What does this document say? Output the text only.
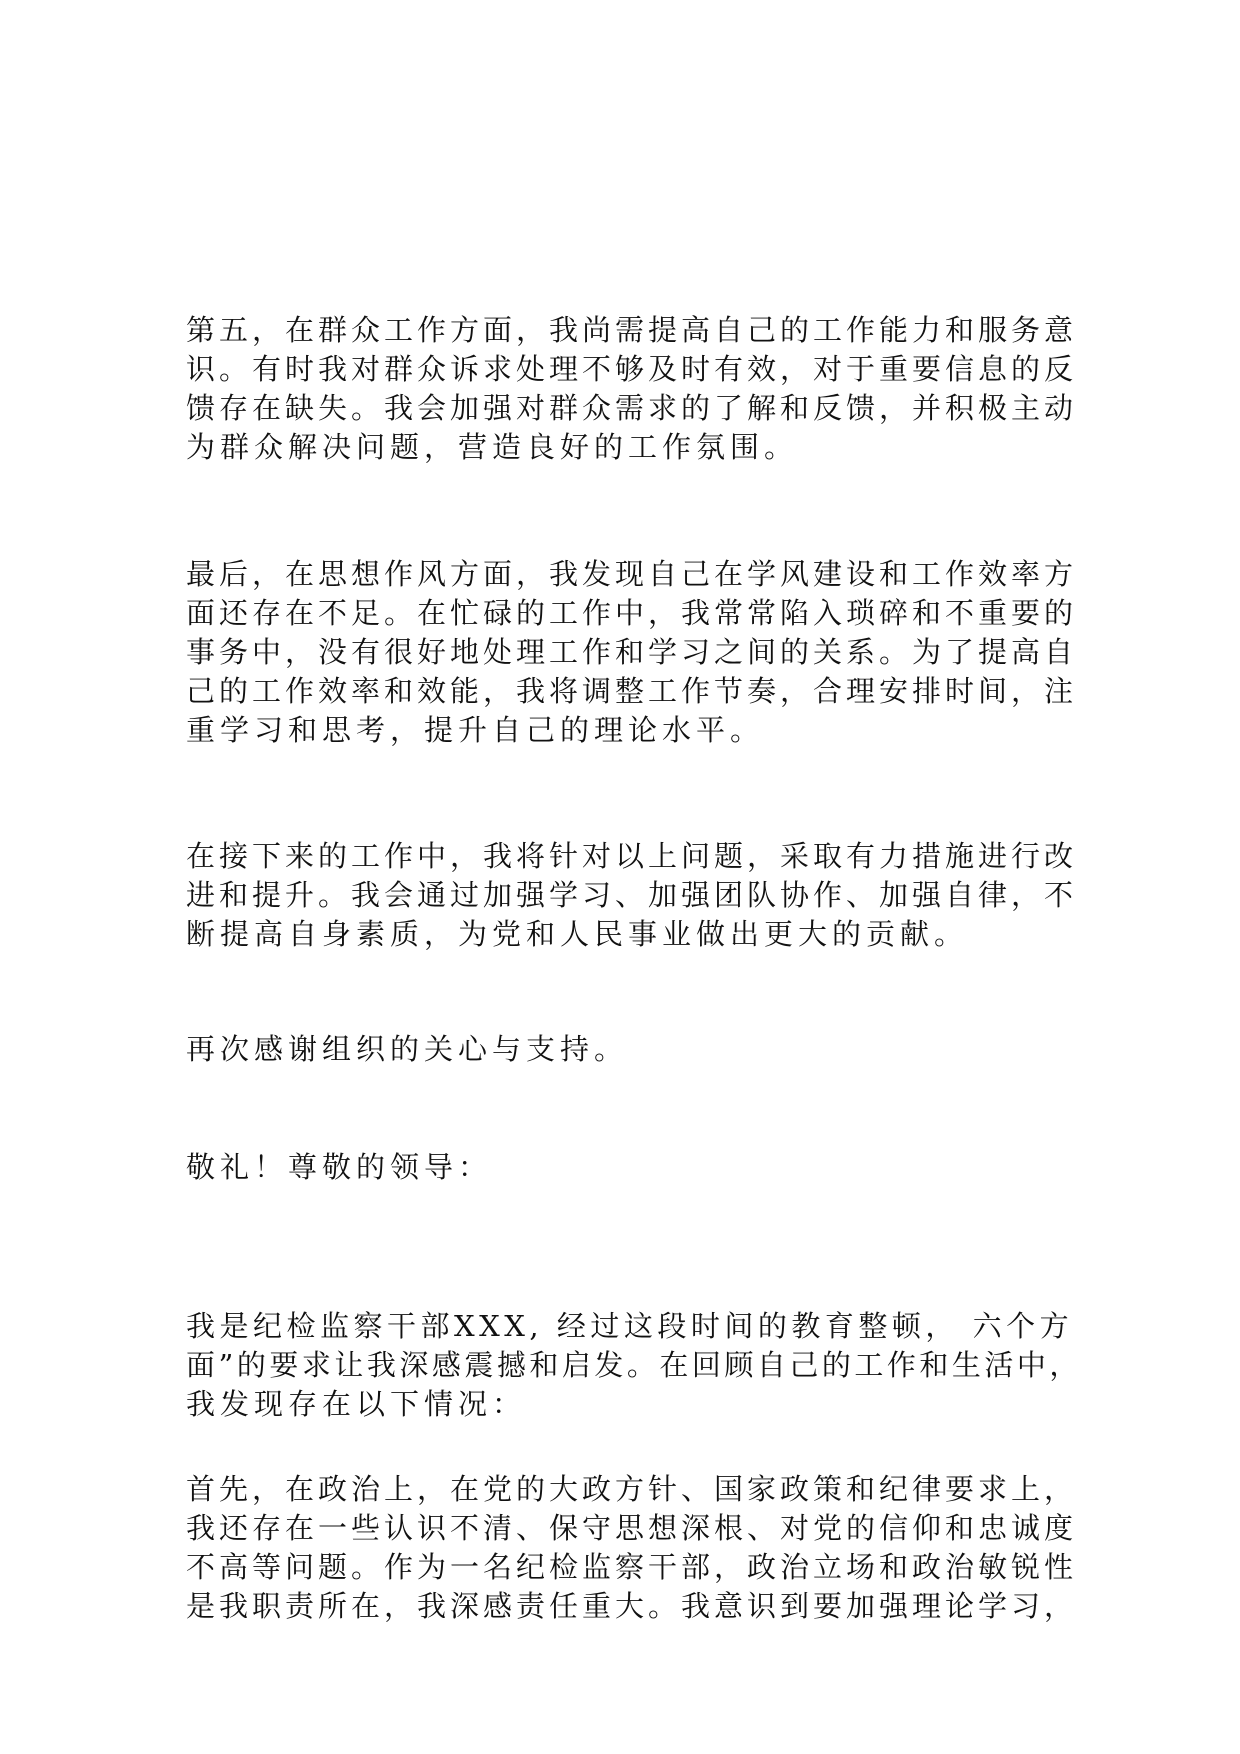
第五，在群众工作方面，我尚需提高自己的工作能力和服务意
识。有时我对群众诉求处理不够及时有效，对于重要信息的反
馈存在缺失。我会加强对群众需求的了解和反馈，并积极主动
为群众解决问题，营造良好的工作氛围。
最后，在思想作风方面，我发现自己在学风建设和工作效率方
面还存在不足。在忙碌的工作中，我常常陷入琐碎和不重要的
事务中，没有很好地处理工作和学习之间的关系。为了提高自
己的工作效率和效能，我将调整工作节奏，合理安排时间，注
重学习和思考，提升自己的理论水平。
在接下来的工作中，我将针对以上问题，采取有力措施进行改
进和提升。我会通过加强学习、加强团队协作、加强自律，不
断提高自身素质，为党和人民事业做出更大的贡献。
再次感谢组织的关心与支持。
敬礼！尊敬的领导：
我是纪检监察干部XXX, 经过这段时间的教育整顿， 六个方
面”的要求让我深感震撼和启发。在回顾自己的工作和生活中，
我发现存在以下情况：
首先，在政治上，在党的大政方针、国家政策和纪律要求上，
我还存在一些认识不清、保守思想深根、对党的信仰和忠诚度
不高等问题。作为一名纪检监察干部，政治立场和政治敏锐性
是我职责所在，我深感责任重大。我意识到要加强理论学习，
